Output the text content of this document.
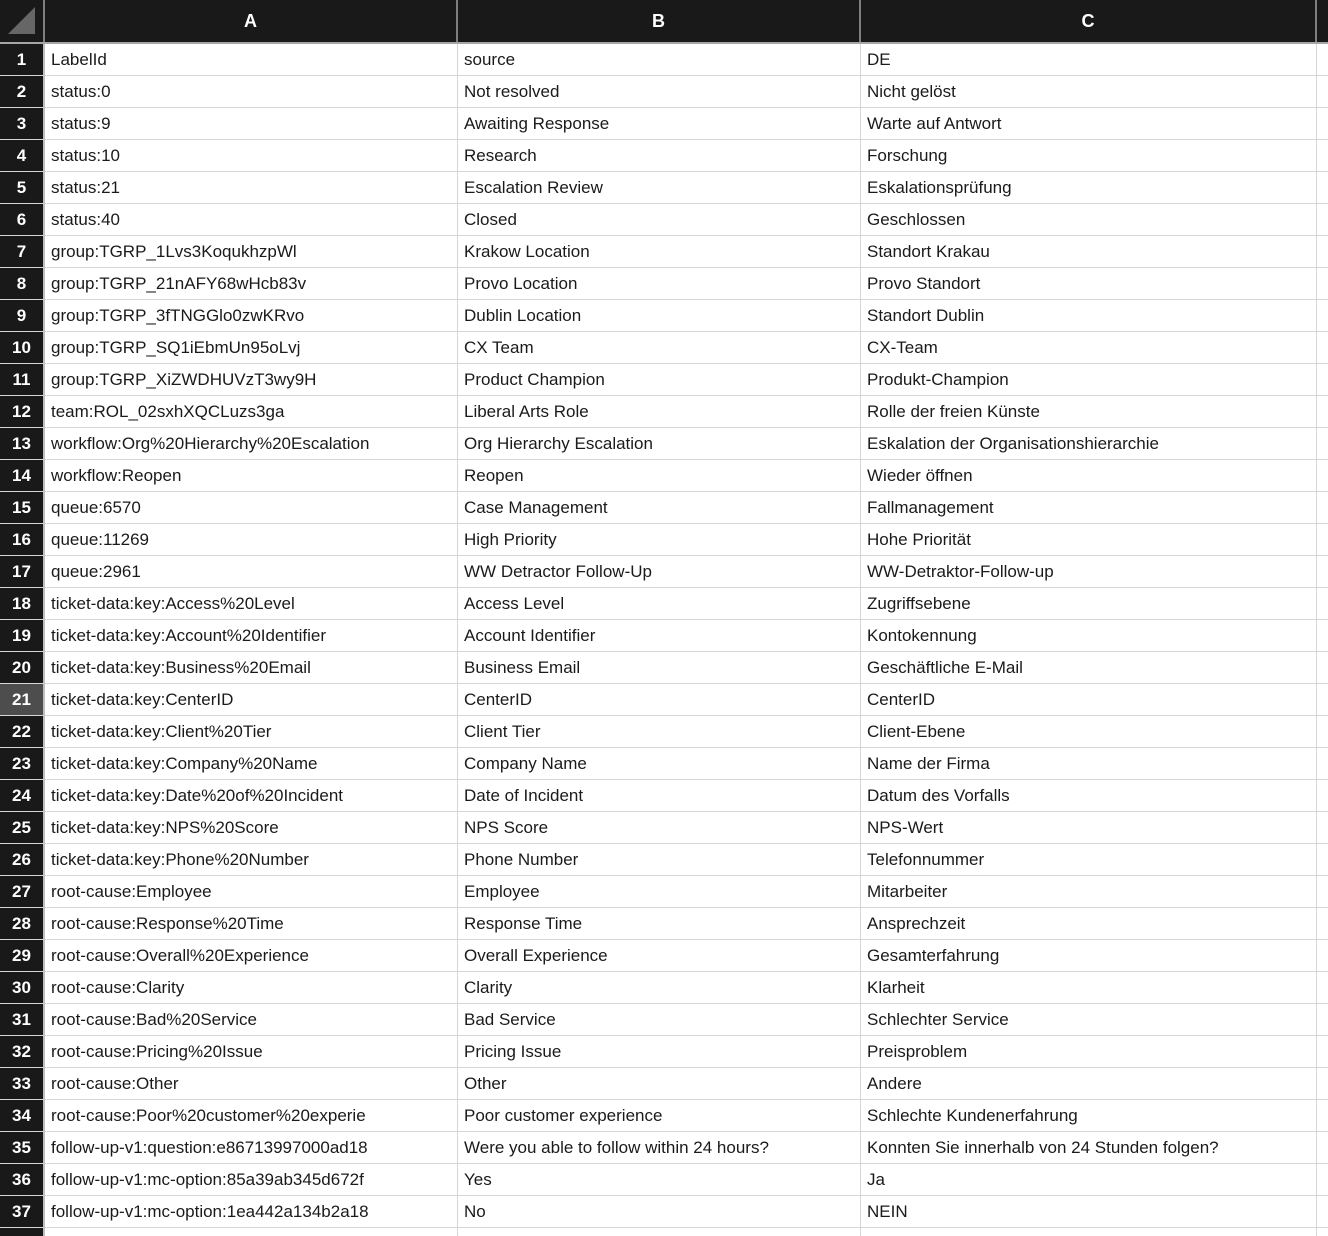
A	B	C
1	LabelId	source	DE
2	status:0	Not resolved	Nicht gelöst
3	status:9	Awaiting Response	Warte auf Antwort
4	status:10	Research	Forschung
5	status:21	Escalation Review	Eskalationsprüfung
6	status:40	Closed	Geschlossen
7	group:TGRP_1Lvs3KoqukhzpWl	Krakow Location	Standort Krakau
8	group:TGRP_21nAFY68wHcb83v	Provo Location	Provo Standort
9	group:TGRP_3fTNGGlo0zwKRvo	Dublin Location	Standort Dublin
10	group:TGRP_SQ1iEbmUn95oLvj	CX Team	CX-Team
11	group:TGRP_XiZWDHUVzT3wy9H	Product Champion	Produkt-Champion
12	team:ROL_02sxhXQCLuzs3ga	Liberal Arts Role	Rolle der freien Künste
13	workflow:Org%20Hierarchy%20Escalation	Org Hierarchy Escalation	Eskalation der Organisationshierarchie
14	workflow:Reopen	Reopen	Wieder öffnen
15	queue:6570	Case Management	Fallmanagement
16	queue:11269	High Priority	Hohe Priorität
17	queue:2961	WW Detractor Follow-Up	WW-Detraktor-Follow-up
18	ticket-data:key:Access%20Level	Access Level	Zugriffsebene
19	ticket-data:key:Account%20Identifier	Account Identifier	Kontokennung
20	ticket-data:key:Business%20Email	Business Email	Geschäftliche E-Mail
21	ticket-data:key:CenterID	CenterID	CenterID
22	ticket-data:key:Client%20Tier	Client Tier	Client-Ebene
23	ticket-data:key:Company%20Name	Company Name	Name der Firma
24	ticket-data:key:Date%20of%20Incident	Date of Incident	Datum des Vorfalls
25	ticket-data:key:NPS%20Score	NPS Score	NPS-Wert
26	ticket-data:key:Phone%20Number	Phone Number	Telefonnummer
27	root-cause:Employee	Employee	Mitarbeiter
28	root-cause:Response%20Time	Response Time	Ansprechzeit
29	root-cause:Overall%20Experience	Overall Experience	Gesamterfahrung
30	root-cause:Clarity	Clarity	Klarheit
31	root-cause:Bad%20Service	Bad Service	Schlechter Service
32	root-cause:Pricing%20Issue	Pricing Issue	Preisproblem
33	root-cause:Other	Other	Andere
34	root-cause:Poor%20customer%20experie	Poor customer experience	Schlechte Kundenerfahrung
35	follow-up-v1:question:e86713997000ad18	Were you able to follow within 24 hours?	Konnten Sie innerhalb von 24 Stunden folgen?
36	follow-up-v1:mc-option:85a39ab345d672f	Yes	Ja
37	follow-up-v1:mc-option:1ea442a134b2a18	No	NEIN
